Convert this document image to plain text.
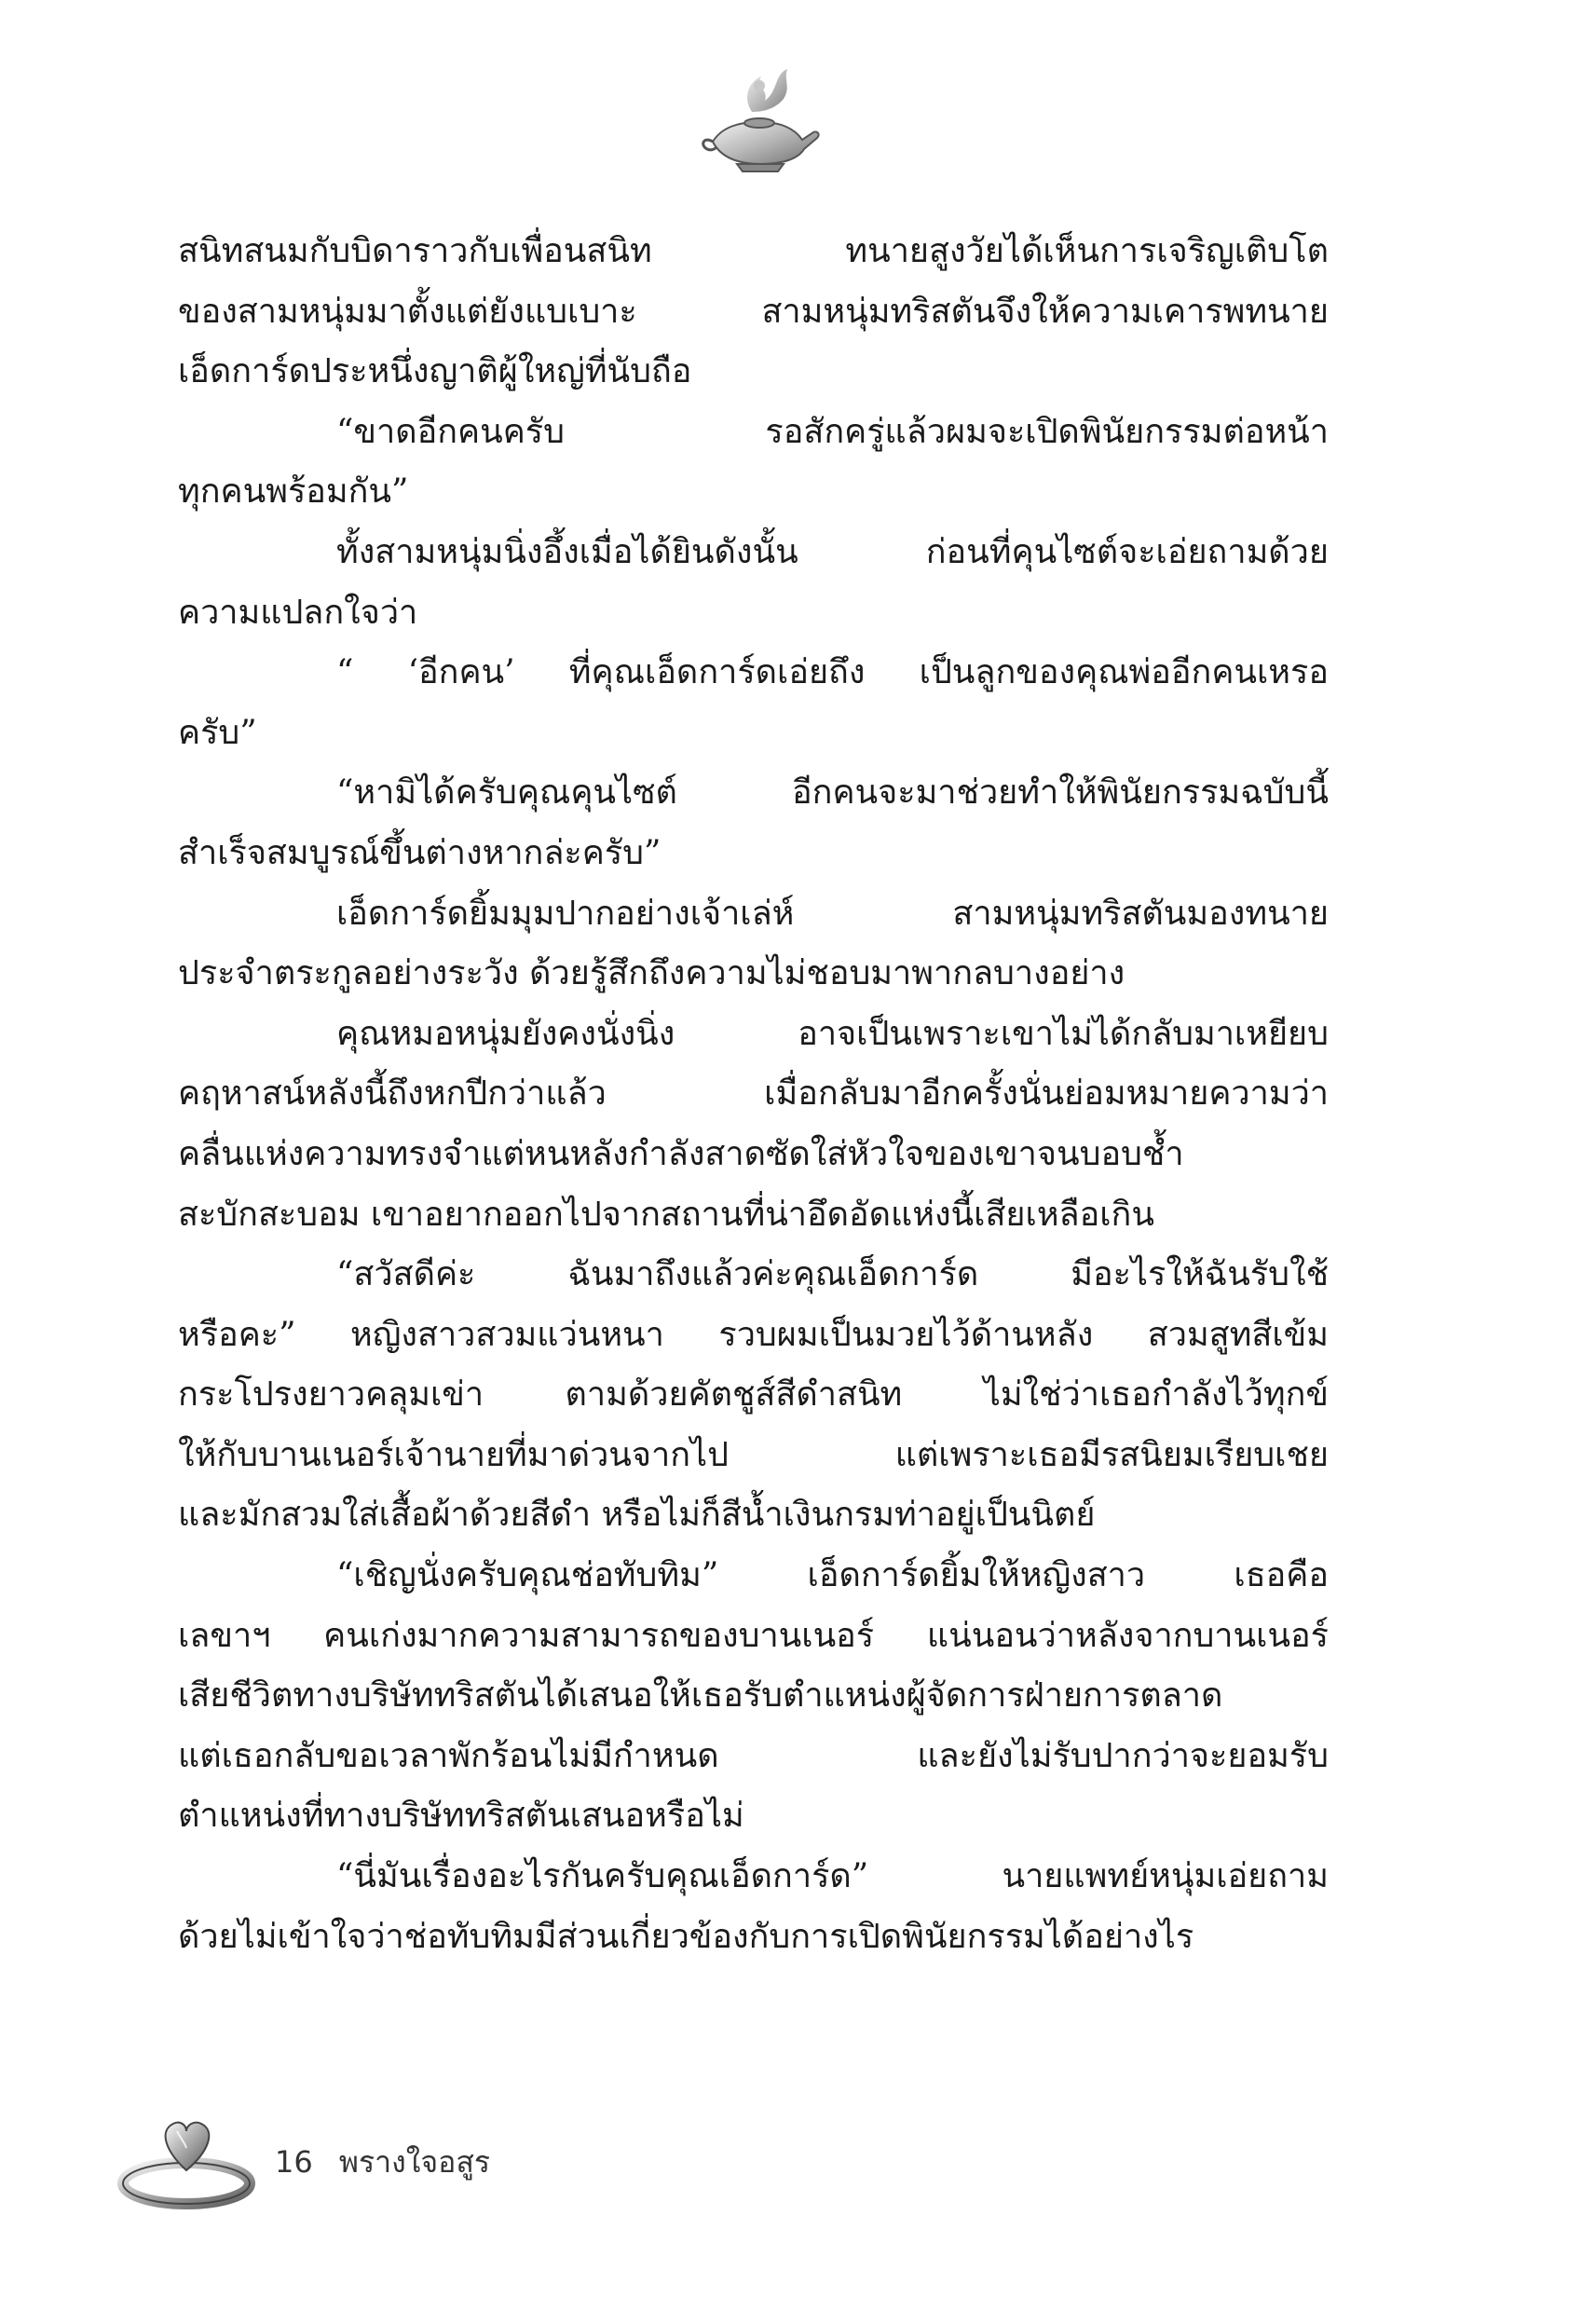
สนิทสนมกับบิดาราวกับเพื่อนสนิท ทนายสูงวัยได้เห็นการเจริญเติบโต
ของสามหนุ่มมาตั้งแต่ยังแบเบาะ สามหนุ่มทริสตันจึงให้ความเคารพทนาย
เอ็ดการ์ดประหนึ่งญาติผู้ใหญ่ที่นับถือ
“ขาดอีกคนครับ รอสักครู่แล้วผมจะเปิดพินัยกรรมต่อหน้า
ทุกคนพร้อมกัน”
ทั้งสามหนุ่มนิ่งอึ้งเมื่อได้ยินดังนั้น ก่อนที่คุนไซต์จะเอ่ยถามด้วย
ความแปลกใจว่า
“ ‘อีกคน’ ที่คุณเอ็ดการ์ดเอ่ยถึง เป็นลูกของคุณพ่ออีกคนเหรอ
ครับ”
“หามิได้ครับคุณคุนไซต์ อีกคนจะมาช่วยทำให้พินัยกรรมฉบับนี้
สำเร็จสมบูรณ์ขึ้นต่างหากล่ะครับ”
เอ็ดการ์ดยิ้มมุมปากอย่างเจ้าเล่ห์ สามหนุ่มทริสตันมองทนาย
ประจำตระกูลอย่างระวัง ด้วยรู้สึกถึงความไม่ชอบมาพากลบางอย่าง
คุณหมอหนุ่มยังคงนั่งนิ่ง อาจเป็นเพราะเขาไม่ได้กลับมาเหยียบ
คฤหาสน์หลังนี้ถึงหกปีกว่าแล้ว เมื่อกลับมาอีกครั้งนั่นย่อมหมายความว่า
คลื่นแห่งความทรงจำแต่หนหลังกำลังสาดซัดใส่หัวใจของเขาจนบอบช้ำ
สะบักสะบอม เขาอยากออกไปจากสถานที่น่าอึดอัดแห่งนี้เสียเหลือเกิน
“สวัสดีค่ะ ฉันมาถึงแล้วค่ะคุณเอ็ดการ์ด มีอะไรให้ฉันรับใช้
หรือคะ” หญิงสาวสวมแว่นหนา รวบผมเป็นมวยไว้ด้านหลัง สวมสูทสีเข้ม
กระโปรงยาวคลุมเข่า ตามด้วยคัตชูส์สีดำสนิท ไม่ใช่ว่าเธอกำลังไว้ทุกข์
ให้กับบานเนอร์เจ้านายที่มาด่วนจากไป แต่เพราะเธอมีรสนิยมเรียบเชย
และมักสวมใส่เสื้อผ้าด้วยสีดำ หรือไม่ก็สีน้ำเงินกรมท่าอยู่เป็นนิตย์
“เชิญนั่งครับคุณช่อทับทิม” เอ็ดการ์ดยิ้มให้หญิงสาว เธอคือ
เลขาฯ คนเก่งมากความสามารถของบานเนอร์ แน่นอนว่าหลังจากบานเนอร์
เสียชีวิตทางบริษัททริสตันได้เสนอให้เธอรับตำแหน่งผู้จัดการฝ่ายการตลาด
แต่เธอกลับขอเวลาพักร้อนไม่มีกำหนด และยังไม่รับปากว่าจะยอมรับ
ตำแหน่งที่ทางบริษัททริสตันเสนอหรือไม่
“นี่มันเรื่องอะไรกันครับคุณเอ็ดการ์ด” นายแพทย์หนุ่มเอ่ยถาม
ด้วยไม่เข้าใจว่าช่อทับทิมมีส่วนเกี่ยวข้องกับการเปิดพินัยกรรมได้อย่างไร
16 พรางใจอสูร
